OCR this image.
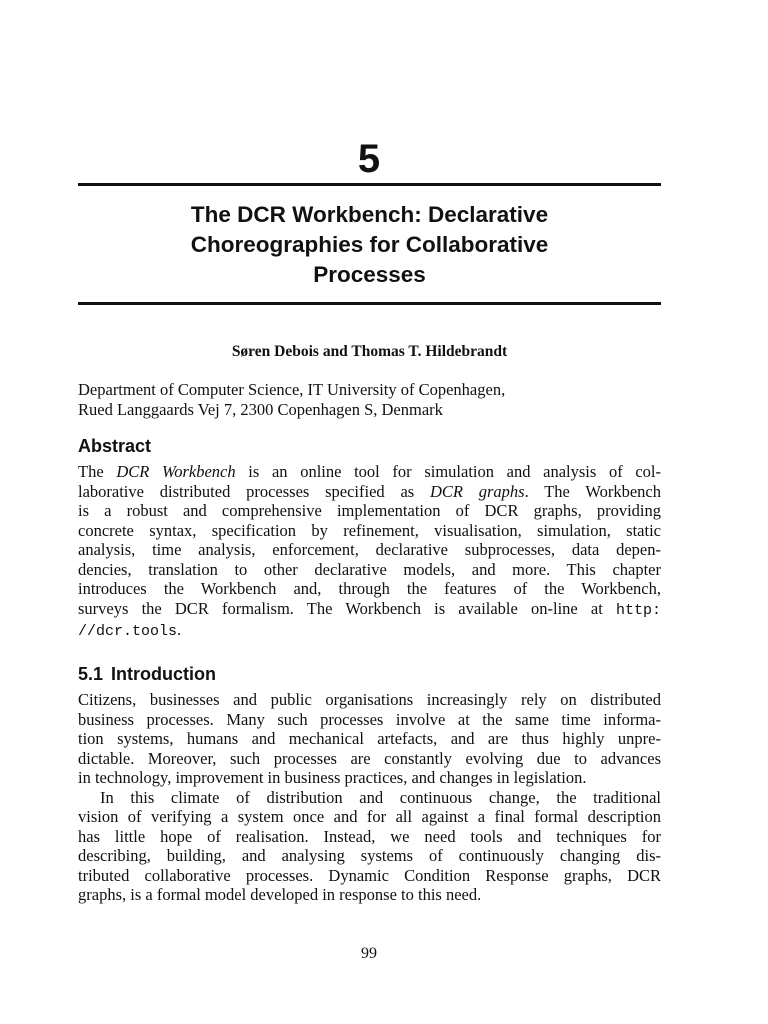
5
The DCR Workbench: Declarative
Choreographies for Collaborative
Processes

Søren Debois and Thomas T. Hildebrandt

Department of Computer Science, IT University of Copenhagen,
Rued Langgaards Vej 7, 2300 Copenhagen S, Denmark

Abstract
The DCR Workbench is an online tool for simulation and analysis of col-
laborative distributed processes specified as DCR graphs. The Workbench
is a robust and comprehensive implementation of DCR graphs, providing
concrete syntax, specification by refinement, visualisation, simulation, static
analysis, time analysis, enforcement, declarative subprocesses, data depen-
dencies, translation to other declarative models, and more. This chapter
introduces the Workbench and, through the features of the Workbench,
surveys the DCR formalism. The Workbench is available on-line at http:
//dcr.tools.
5.1 Introduction
Citizens, businesses and public organisations increasingly rely on distributed
business processes. Many such processes involve at the same time informa-
tion systems, humans and mechanical artefacts, and are thus highly unpre-
dictable. Moreover, such processes are constantly evolving due to advances
in technology, improvement in business practices, and changes in legislation.
In this climate of distribution and continuous change, the traditional
vision of verifying a system once and for all against a final formal description
has little hope of realisation. Instead, we need tools and techniques for
describing, building, and analysing systems of continuously changing dis-
tributed collaborative processes. Dynamic Condition Response graphs, DCR
graphs, is a formal model developed in response to this need.
99
